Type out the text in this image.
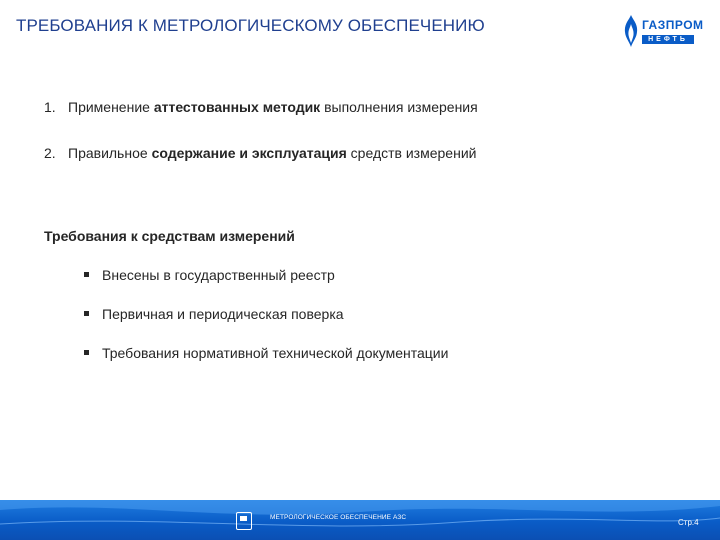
ТРЕБОВАНИЯ К МЕТРОЛОГИЧЕСКОМУ ОБЕСПЕЧЕНИЮ	ГАЗПРОМ
НЕФТЬ
1. Применение аттестованных методик выполнения измерения
2. Правильное содержание и эксплуатация средств измерений
Требования к средствам измерений
Внесены в государственный реестр
Первичная и периодическая поверка
Требования нормативной технической документации
МЕТРОЛОГИЧЕСКОЕ ОБЕСПЕЧЕНИЕ АЗС
Стр.4
